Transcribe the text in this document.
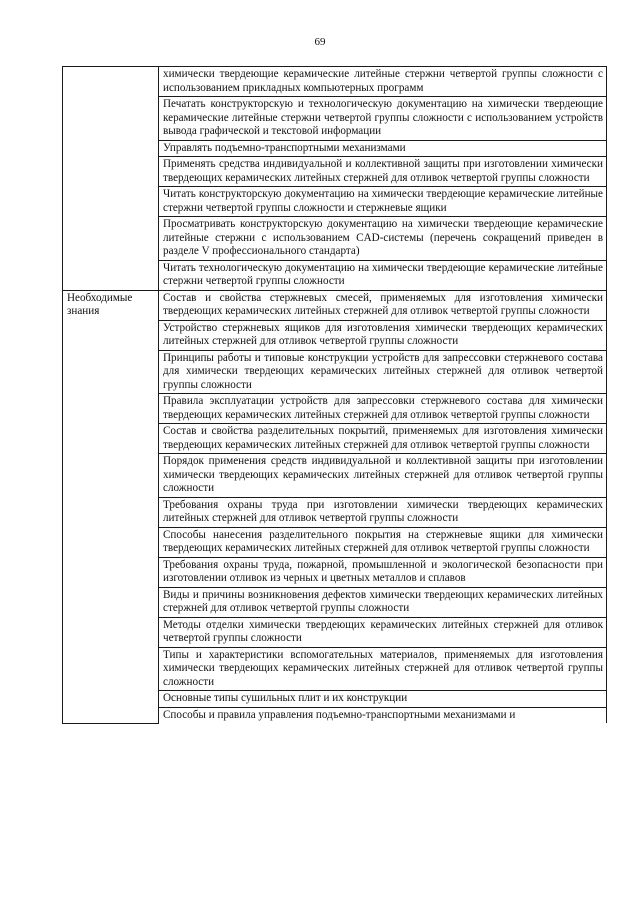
69
	химически твердеющие керамические литейные стержни четвертой группы сложности с использованием прикладных компьютерных программ
	Печатать конструкторскую и технологическую документацию на химически твердеющие керамические литейные стержни четвертой группы сложности с использованием устройств вывода графической и текстовой информации
	Управлять подъемно-транспортными механизмами
	Применять средства индивидуальной и коллективной защиты при изготовлении химически твердеющих керамических литейных стержней для отливок четвертой группы сложности
	Читать конструкторскую документацию на химически твердеющие керамические литейные стержни четвертой группы сложности и стержневые ящики
	Просматривать конструкторскую документацию на химически твердеющие керамические литейные стержни с использованием CAD-системы (перечень сокращений приведен в разделе V профессионального стандарта)
	Читать технологическую документацию на химически твердеющие керамические литейные стержни четвертой группы сложности
Необходимые знания	Состав и свойства стержневых смесей, применяемых для изготовления химически твердеющих керамических литейных стержней для отливок четвертой группы сложности
	Устройство стержневых ящиков для изготовления химически твердеющих керамических литейных стержней для отливок четвертой группы сложности
	Принципы работы и типовые конструкции устройств для запрессовки стержневого состава для химически твердеющих керамических литейных стержней для отливок четвертой группы сложности
	Правила эксплуатации устройств для запрессовки стержневого состава для химически твердеющих керамических литейных стержней для отливок четвертой группы сложности
	Состав и свойства разделительных покрытий, применяемых для изготовления химически твердеющих керамических литейных стержней для отливок четвертой группы сложности
	Порядок применения средств индивидуальной и коллективной защиты при изготовлении химически твердеющих керамических литейных стержней для отливок четвертой группы сложности
	Требования охраны труда при изготовлении химически твердеющих керамических литейных стержней для отливок четвертой группы сложности
	Способы нанесения разделительного покрытия на стержневые ящики для химически твердеющих керамических литейных стержней для отливок четвертой группы сложности
	Требования охраны труда, пожарной, промышленной и экологической безопасности при изготовлении отливок из черных и цветных металлов и сплавов
	Виды и причины возникновения дефектов химически твердеющих керамических литейных стержней для отливок четвертой группы сложности
	Методы отделки химически твердеющих керамических литейных стержней для отливок четвертой группы сложности
	Типы и характеристики вспомогательных материалов, применяемых для изготовления химически твердеющих керамических литейных стержней для отливок четвертой группы сложности
	Основные типы сушильных плит и их конструкции
	Способы и правила управления подъемно-транспортными механизмами и
